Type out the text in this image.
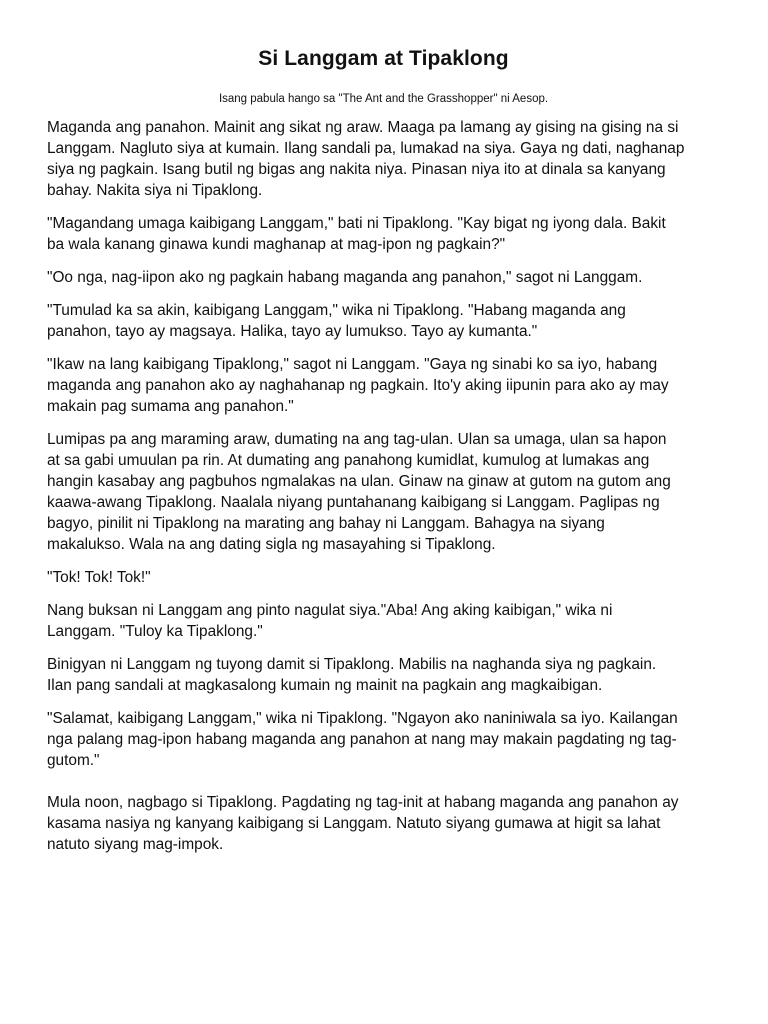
Si Langgam at Tipaklong

Isang pabula hango sa "The Ant and the Grasshopper" ni Aesop.

Maganda ang panahon. Mainit ang sikat ng araw. Maaga pa lamang ay gising na gising na si
Langgam. Nagluto siya at kumain. Ilang sandali pa, lumakad na siya. Gaya ng dati, naghanap
siya ng pagkain. Isang butil ng bigas ang nakita niya. Pinasan niya ito at dinala sa kanyang
bahay. Nakita siya ni Tipaklong.

"Magandang umaga kaibigang Langgam," bati ni Tipaklong. "Kay bigat ng iyong dala. Bakit
ba wala kanang ginawa kundi maghanap at mag-ipon ng pagkain?"

"Oo nga, nag-iipon ako ng pagkain habang maganda ang panahon," sagot ni Langgam.

"Tumulad ka sa akin, kaibigang Langgam," wika ni Tipaklong. "Habang maganda ang
panahon, tayo ay magsaya. Halika, tayo ay lumukso. Tayo ay kumanta."

"Ikaw na lang kaibigang Tipaklong," sagot ni Langgam. "Gaya ng sinabi ko sa iyo, habang
maganda ang panahon ako ay naghahanap ng pagkain. Ito'y aking iipunin para ako ay may
makain pag sumama ang panahon."

Lumipas pa ang maraming araw, dumating na ang tag-ulan. Ulan sa umaga, ulan sa hapon
at sa gabi umuulan pa rin. At dumating ang panahong kumidlat, kumulog at lumakas ang
hangin kasabay ang pagbuhos ngmalakas na ulan. Ginaw na ginaw at gutom na gutom ang
kaawa-awang Tipaklong. Naalala niyang puntahanang kaibigang si Langgam. Paglipas ng
bagyo, pinilit ni Tipaklong na marating ang bahay ni Langgam. Bahagya na siyang
makalukso. Wala na ang dating sigla ng masayahing si Tipaklong.

"Tok! Tok! Tok!"

Nang buksan ni Langgam ang pinto nagulat siya."Aba! Ang aking kaibigan," wika ni
Langgam. "Tuloy ka Tipaklong."

Binigyan ni Langgam ng tuyong damit si Tipaklong. Mabilis na naghanda siya ng pagkain.
Ilan pang sandali at magkasalong kumain ng mainit na pagkain ang magkaibigan.

"Salamat, kaibigang Langgam," wika ni Tipaklong. "Ngayon ako naniniwala sa iyo. Kailangan
nga palang mag-ipon habang maganda ang panahon at nang may makain pagdating ng tag-
gutom."

Mula noon, nagbago si Tipaklong. Pagdating ng tag-init at habang maganda ang panahon ay
kasama nasiya ng kanyang kaibigang si Langgam. Natuto siyang gumawa at higit sa lahat
natuto siyang mag-impok.
